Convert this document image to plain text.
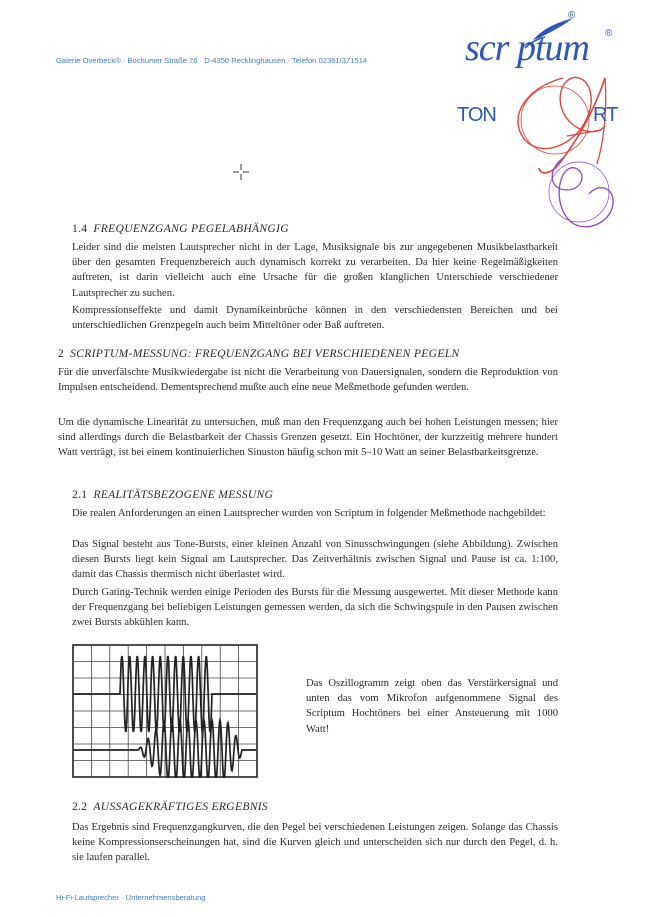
Galerie Overbeck® · Bochumer Straße 76 · D-4350 Recklinghausen · Telefon 02361/371514
®
®
scr ptum
TON	RT
1.4 FREQUENZGANG PEGELABHÄNGIG
Leider sind die meisten Lautsprecher nicht in der Lage, Musiksignale bis zur angegebenen Musikbelastbarkeit über den gesamten Frequenzbereich auch dynamisch korrekt zu verarbeiten. Da hier keine Regelmäßigkeiten auftreten, ist darin vielleicht auch eine Ursache für die großen klanglichen Unterschiede verschiedener Lautsprecher zu suchen.
Kompressionseffekte und damit Dynamikeinbrüche können in den verschiedensten Bereichen und bei unterschiedlichen Grenzpegeln auch beim Mitteltöner oder Baß auftreten.
2 SCRIPTUM-MESSUNG: FREQUENZGANG BEI VERSCHIEDENEN PEGELN
Für die unverfälschte Musikwiedergabe ist nicht die Verarbeitung von Dauersignalen, sondern die Reproduktion von Impulsen entscheidend. Dementsprechend mußte auch eine neue Meßmethode gefunden werden.
Um die dynamische Linearität zu untersuchen, muß man den Frequenzgang auch bei hohen Leistungen messen; hier sind allerdings durch die Belastbarkeit der Chassis Grenzen gesetzt. Ein Hochtöner, der kurzzeitig mehrere hundert Watt verträgt, ist bei einem kontinuierlichen Sinuston häufig schon mit 5–10 Watt an seiner Belastbarkeitsgrenze.
2.1 REALITÄTSBEZOGENE MESSUNG
Die realen Anforderungen an einen Lautsprecher wurden von Scriptum in folgender Meßmethode nachgebildet:
Das Signal besteht aus Tone-Bursts, einer kleinen Anzahl von Sinusschwingungen (siehe Abbildung). Zwischen diesen Bursts liegt kein Signal am Lautsprecher. Das Zeitverhältnis zwischen Signal und Pause ist ca. 1:100, damit das Chassis thermisch nicht überlastet wird.
Durch Gating-Technik werden einige Perioden des Bursts für die Messung ausgewertet. Mit dieser Methode kann der Frequenzgang bei beliebigen Leistungen gemessen werden, da sich die Schwingspule in den Pausen zwischen zwei Bursts abkühlen kann.
Das Oszillogramm zeigt oben das Verstärkersignal und unten das vom Mikrofon aufgenommene Signal des Scriptum Hochtöners bei einer Ansteuerung mit 1000 Watt!
2.2 AUSSAGEKRÄFTIGES ERGEBNIS
Das Ergebnis sind Frequenzgangkurven, die den Pegel bei verschiedenen Leistungen zeigen. Solange das Chassis keine Kompressionserscheinungen hat, sind die Kurven gleich und unterscheiden sich nur durch den Pegel, d. h. sie laufen parallel.
Hi-Fi-Lautsprecher · Unternehmensberatung
